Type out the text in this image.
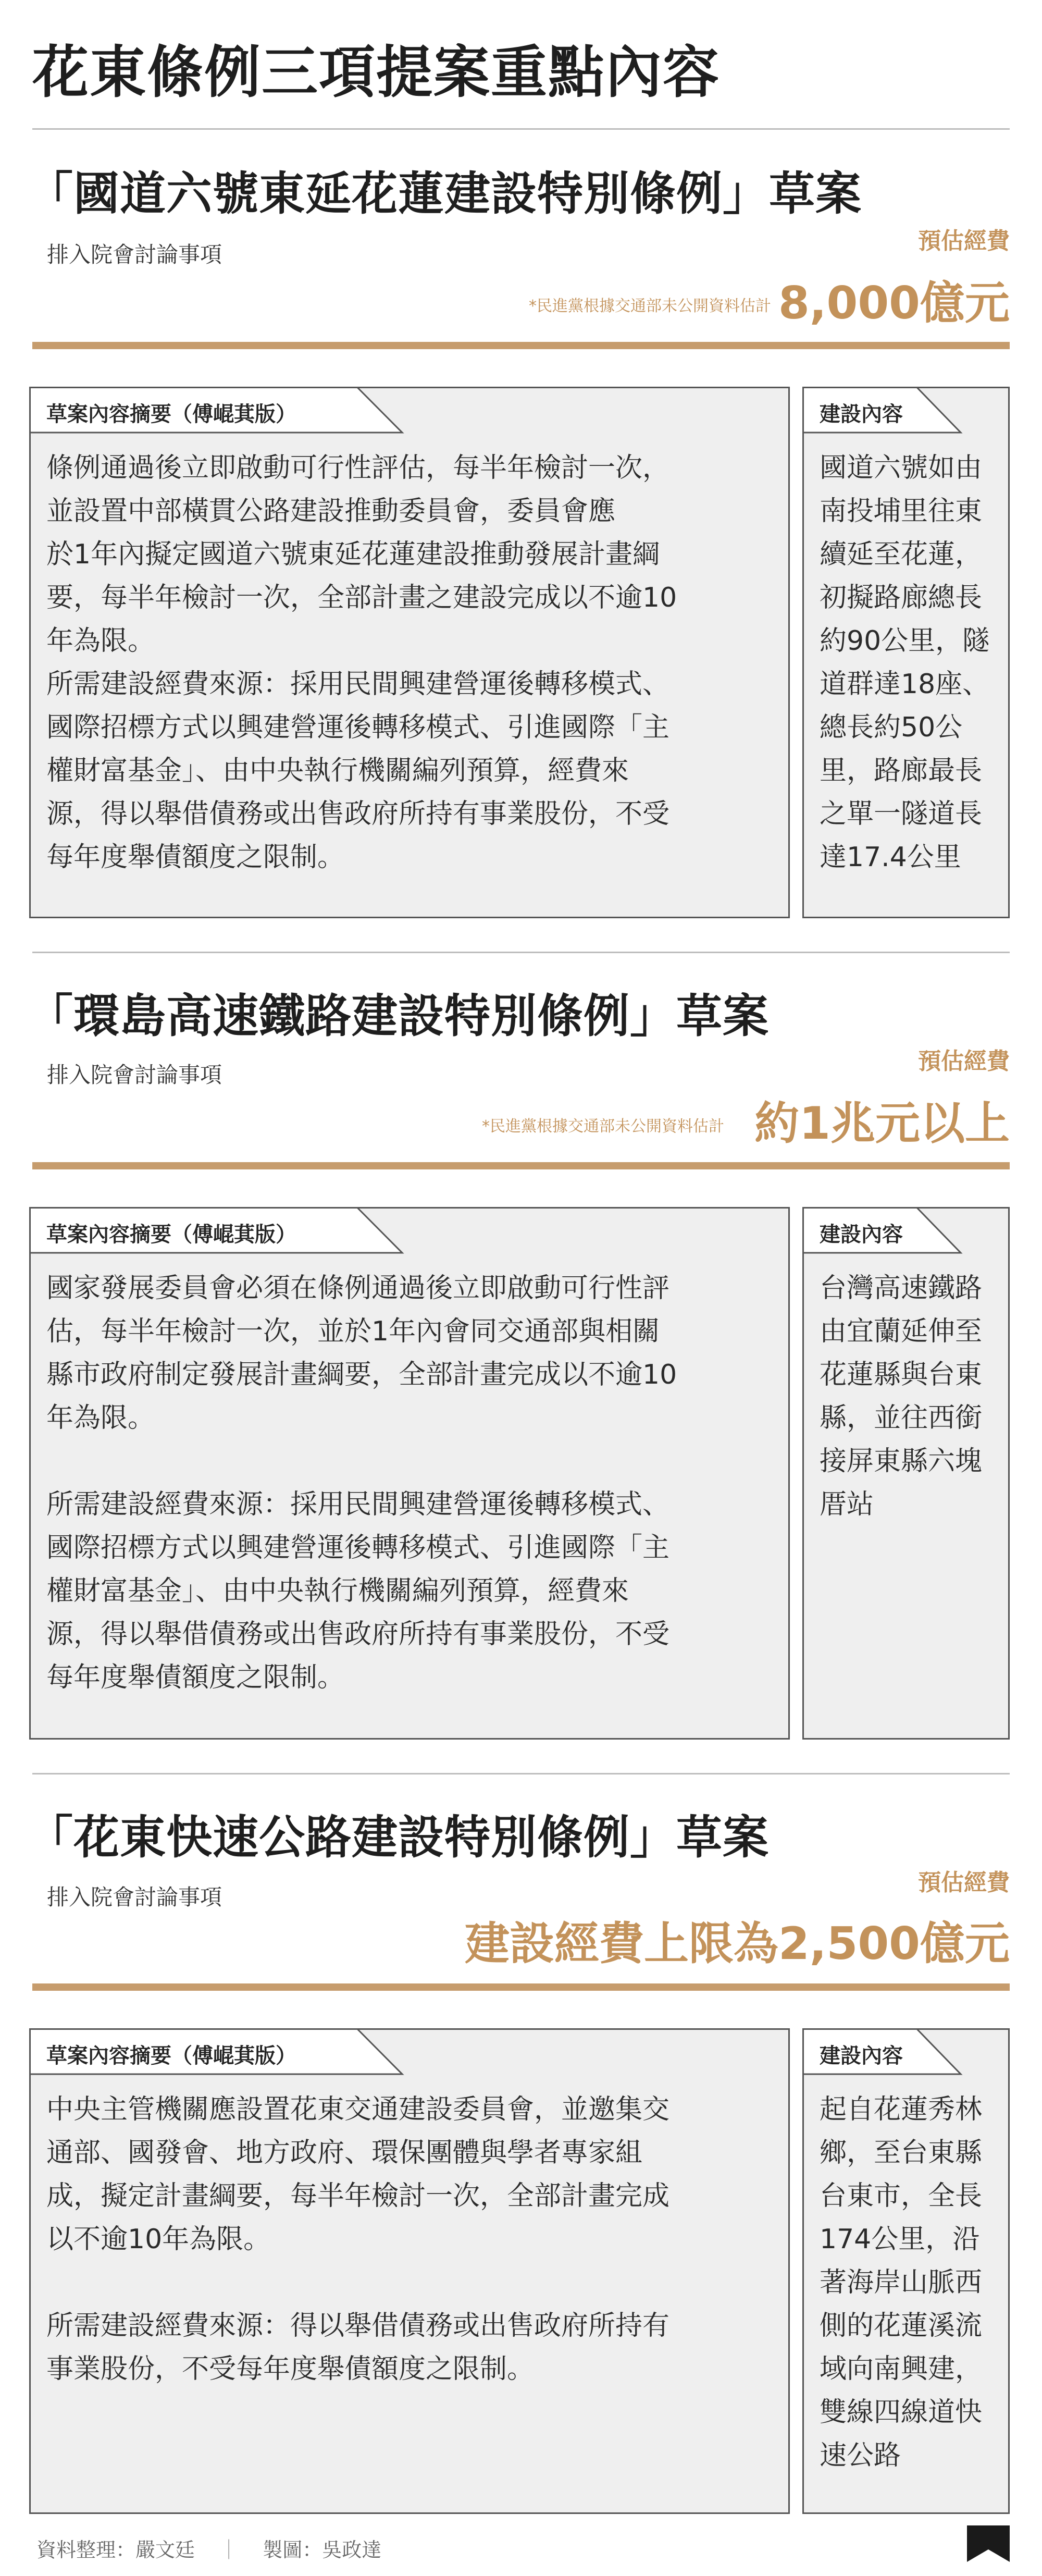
花東條例三項提案重點內容
「國道六號東延花蓮建設特別條例」草案
排入院會討論事項
預估經費
*民進黨根據交通部未公開資料估計 8,000億元
草案內容摘要（傅崐萁版）
條例通過後立即啟動可行性評估，每半年檢討一次，
並設置中部橫貫公路建設推動委員會，委員會應
於1年內擬定國道六號東延花蓮建設推動發展計畫綱
要，每半年檢討一次，全部計畫之建設完成以不逾10
年為限。
所需建設經費來源：採用民間興建營運後轉移模式、
國際招標方式以興建營運後轉移模式、引進國際「主
權財富基金」、由中央執行機關編列預算，經費來
源，得以舉借債務或出售政府所持有事業股份，不受
每年度舉債額度之限制。
建設內容
國道六號如由
南投埔里往東
續延至花蓮，
初擬路廊總長
約90公里，隧
道群達18座、
總長約50公
里，路廊最長
之單一隧道長
達17.4公里
「環島高速鐵路建設特別條例」草案
排入院會討論事項
預估經費
*民進黨根據交通部未公開資料估計 約1兆元以上
草案內容摘要（傅崐萁版）
國家發展委員會必須在條例通過後立即啟動可行性評
估，每半年檢討一次，並於1年內會同交通部與相關
縣市政府制定發展計畫綱要，全部計畫完成以不逾10
年為限。

所需建設經費來源：採用民間興建營運後轉移模式、
國際招標方式以興建營運後轉移模式、引進國際「主
權財富基金」、由中央執行機關編列預算，經費來
源，得以舉借債務或出售政府所持有事業股份，不受
每年度舉債額度之限制。
建設內容
台灣高速鐵路
由宜蘭延伸至
花蓮縣與台東
縣，並往西銜
接屏東縣六塊
厝站
「花東快速公路建設特別條例」草案
排入院會討論事項
預估經費
建設經費上限為2,500億元
草案內容摘要（傅崐萁版）
中央主管機關應設置花東交通建設委員會，並邀集交
通部、國發會、地方政府、環保團體與學者專家組
成，擬定計畫綱要，每半年檢討一次，全部計畫完成
以不逾10年為限。

所需建設經費來源：得以舉借債務或出售政府所持有
事業股份，不受每年度舉債額度之限制。
建設內容
起自花蓮秀林
鄉，至台東縣
台東市，全長
174公里，沿
著海岸山脈西
側的花蓮溪流
域向南興建，
雙線四線道快
速公路
資料整理：嚴文廷 ｜ 製圖：吳政達
